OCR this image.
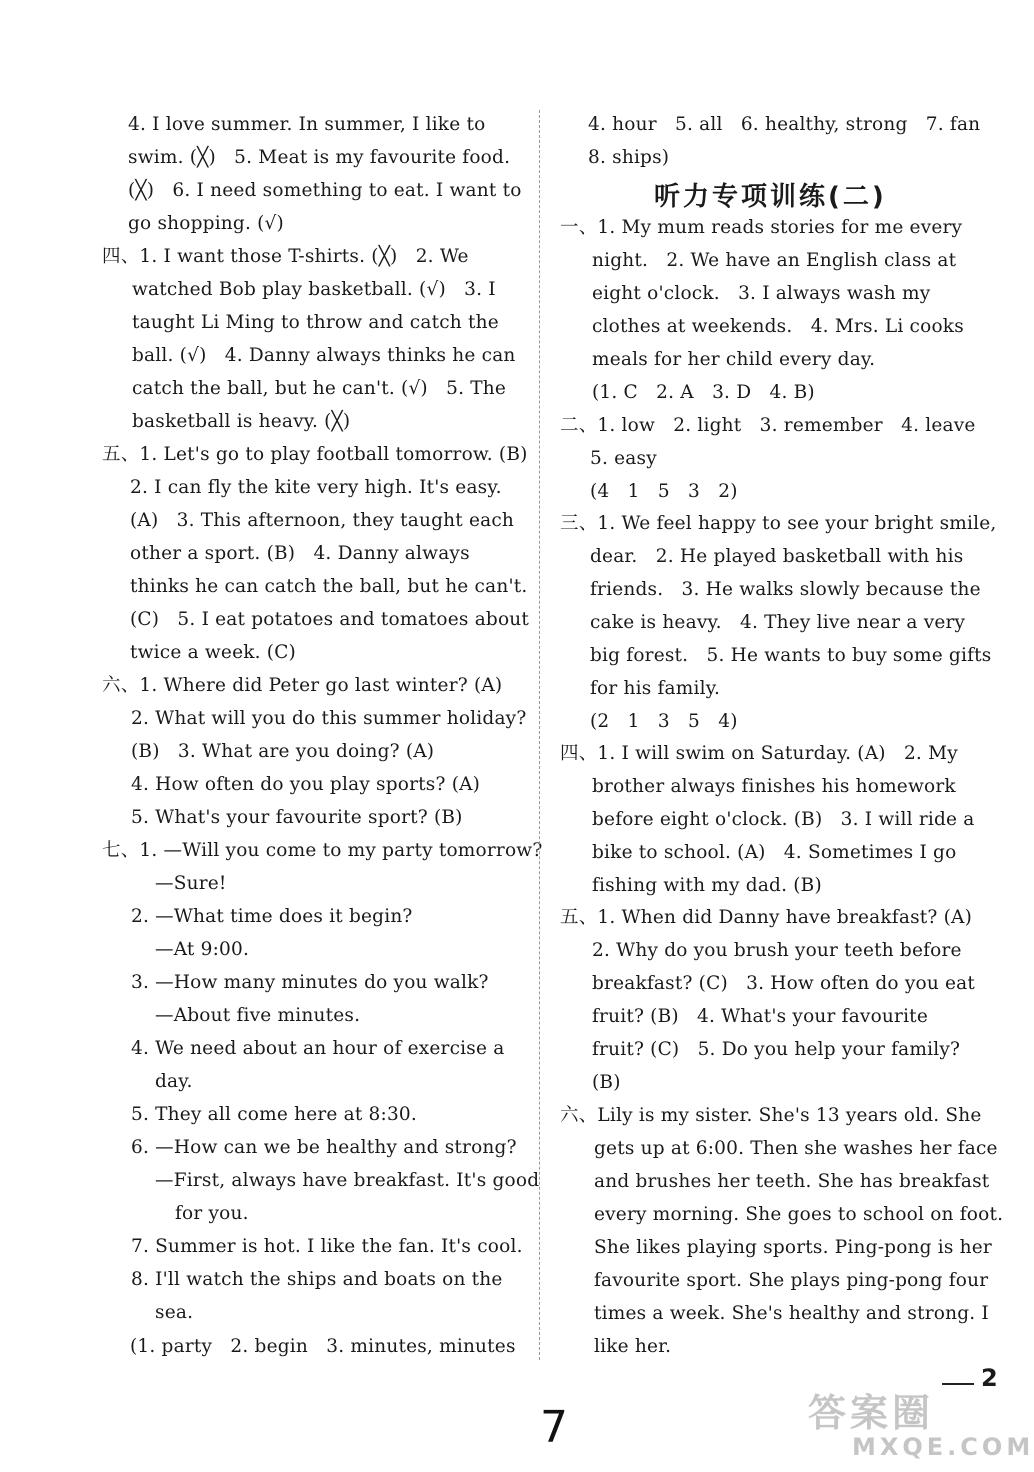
4. I love summer. In summer, I like to
swim. (╳)   5. Meat is my favourite food.
(╳)   6. I need something to eat. I want to
go shopping. (√)
四、1. I want those T-shirts. (╳)   2. We
watched Bob play basketball. (√)   3. I
taught Li Ming to throw and catch the
ball. (√)   4. Danny always thinks he can
catch the ball, but he can't. (√)   5. The
basketball is heavy. (╳)
五、1. Let's go to play football tomorrow. (B)
2. I can fly the kite very high. It's easy.
(A)   3. This afternoon, they taught each
other a sport. (B)   4. Danny always
thinks he can catch the ball, but he can't.
(C)   5. I eat potatoes and tomatoes about
twice a week. (C)
六、1. Where did Peter go last winter? (A)
2. What will you do this summer holiday?
(B)   3. What are you doing? (A)
4. How often do you play sports? (A)
5. What's your favourite sport? (B)
七、1. —Will you come to my party tomorrow?
—Sure!
2. —What time does it begin?
—At 9:00.
3. —How many minutes do you walk?
—About five minutes.
4. We need about an hour of exercise a
day.
5. They all come here at 8:30.
6. —How can we be healthy and strong?
—First, always have breakfast. It's good
for you.
7. Summer is hot. I like the fan. It's cool.
8. I'll watch the ships and boats on the
sea.
(1. party   2. begin   3. minutes, minutes
4. hour   5. all   6. healthy, strong   7. fan
8. ships)
听力专项训练(二)
一、1. My mum reads stories for me every
night.   2. We have an English class at
eight o'clock.   3. I always wash my
clothes at weekends.   4. Mrs. Li cooks
meals for her child every day.
(1. C   2. A   3. D   4. B)
二、1. low   2. light   3. remember   4. leave
5. easy
(4   1   5   3   2)
三、1. We feel happy to see your bright smile,
dear.   2. He played basketball with his
friends.   3. He walks slowly because the
cake is heavy.   4. They live near a very
big forest.   5. He wants to buy some gifts
for his family.
(2   1   3   5   4)
四、1. I will swim on Saturday. (A)   2. My
brother always finishes his homework
before eight o'clock. (B)   3. I will ride a
bike to school. (A)   4. Sometimes I go
fishing with my dad. (B)
五、1. When did Danny have breakfast? (A)
2. Why do you brush your teeth before
breakfast? (C)   3. How often do you eat
fruit? (B)   4. What's your favourite
fruit? (C)   5. Do you help your family?
(B)
六、Lily is my sister. She's 13 years old. She
gets up at 6:00. Then she washes her face
and brushes her teeth. She has breakfast
every morning. She goes to school on foot.
She likes playing sports. Ping-pong is her
favourite sport. She plays ping-pong four
times a week. She's healthy and strong. I
like her.
2
7	答案圈
MXQE.COM
